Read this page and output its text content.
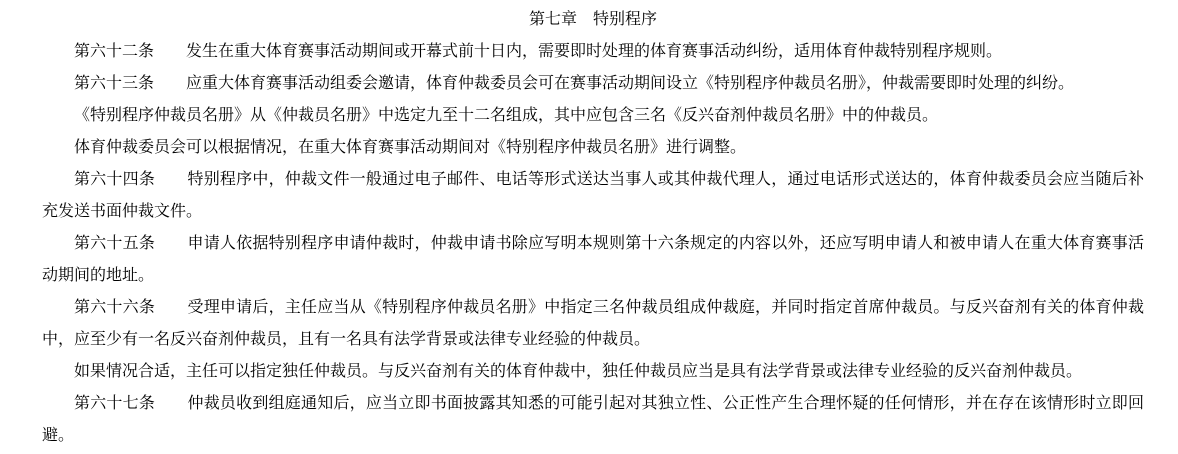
第七章　特别程序

第六十二条　　发生在重大体育赛事活动期间或开幕式前十日内，需要即时处理的体育赛事活动纠纷，适用体育仲裁特别程序规则。

第六十三条　　应重大体育赛事活动组委会邀请，体育仲裁委员会可在赛事活动期间设立《特别程序仲裁员名册》，仲裁需要即时处理的纠纷。

《特别程序仲裁员名册》从《仲裁员名册》中选定九至十二名组成，其中应包含三名《反兴奋剂仲裁员名册》中的仲裁员。

体育仲裁委员会可以根据情况，在重大体育赛事活动期间对《特别程序仲裁员名册》进行调整。

第六十四条　　特别程序中，仲裁文件一般通过电子邮件、电话等形式送达当事人或其仲裁代理人，通过电话形式送达的，体育仲裁委员会应当随后补充发送书面仲裁文件。

第六十五条　　申请人依据特别程序申请仲裁时，仲裁申请书除应写明本规则第十六条规定的内容以外，还应写明申请人和被申请人在重大体育赛事活动期间的地址。

第六十六条　　受理申请后，主任应当从《特别程序仲裁员名册》中指定三名仲裁员组成仲裁庭，并同时指定首席仲裁员。与反兴奋剂有关的体育仲裁中，应至少有一名反兴奋剂仲裁员，且有一名具有法学背景或法律专业经验的仲裁员。

如果情况合适，主任可以指定独任仲裁员。与反兴奋剂有关的体育仲裁中，独任仲裁员应当是具有法学背景或法律专业经验的反兴奋剂仲裁员。

第六十七条　　仲裁员收到组庭通知后，应当立即书面披露其知悉的可能引起对其独立性、公正性产生合理怀疑的任何情形，并在存在该情形时立即回避。
